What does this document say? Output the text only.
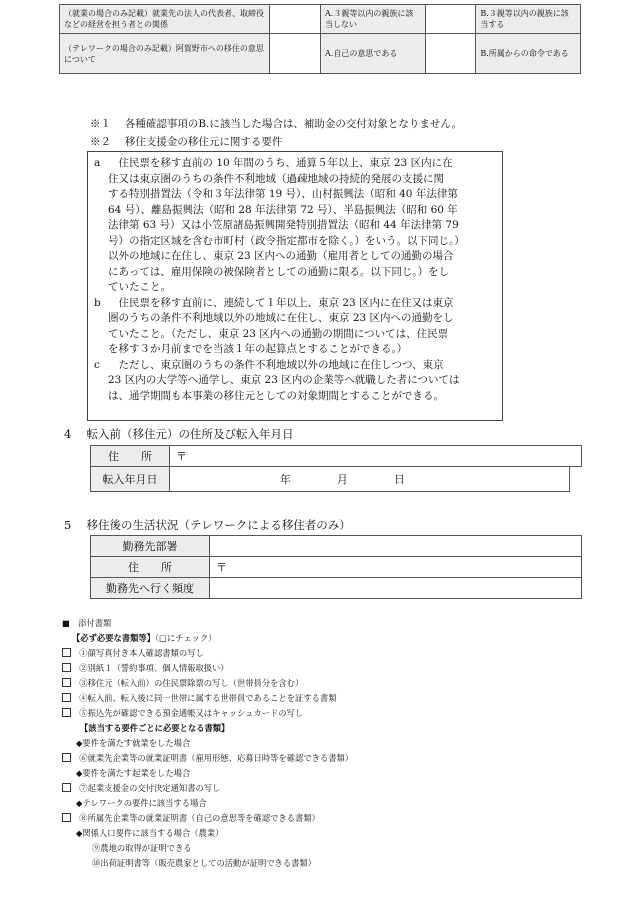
（就業の場合のみ記載）就業先の法人の代表者、取締役などの経営を担う者との関係		A.３親等以内の親族に該当しない		B.３親等以内の親族に該当する
（テレワークの場合のみ記載）阿賀野市への移住の意思について		A.自己の意思である		B.所属からの命令である
※１　 各種確認事項のB.に該当した場合は、補助金の交付対象となりません。
※２　 移住支援金の移住元に関する要件
a　住民票を移す直前の 10 年間のうち、通算５年以上、東京 23 区内に在
住又は東京圏のうちの条件不利地域（過疎地域の持続的発展の支援に関
する特別措置法（令和３年法律第 19 号）、山村振興法（昭和 40 年法律第
64 号）、離島振興法（昭和 28 年法律第 72 号）、半島振興法（昭和 60 年
法律第 63 号）又は小笠原諸島振興開発特別措置法（昭和 44 年法律第 79
号）の指定区域を含む市町村（政令指定都市を除く。）をいう。以下同じ。）
以外の地域に在住し、東京 23 区内への通勤（雇用者としての通勤の場合
にあっては、雇用保険の被保険者としての通勤に限る。以下同じ。）をし
ていたこと。
b　住民票を移す直前に、連続して１年以上、東京 23 区内に在住又は東京
圏のうちの条件不利地域以外の地域に在住し、東京 23 区内への通勤をし
ていたこと。（ただし、東京 23 区内への通勤の期間については、住民票
を移す３か月前までを当該１年の起算点とすることができる。）
c　ただし、東京圏のうちの条件不利地域以外の地域に在住しつつ、東京
23 区内の大学等へ通学し、東京 23 区内の企業等へ就職した者については
は、通学期間も本事業の移住元としての対象期間とすることができる。
4　 転入前（移住元）の住所及び転入年月日
住　　所	〒	
転入年月日	年 月 日	
5　 移住後の生活状況（テレワークによる移住者のみ）
勤務先部署	
住　　所	〒
勤務先へ行く頻度	
■　添付書類
【必ず必要な書類等】（□にチェック）
　①顔写真付き本人確認書類の写し
　②別紙１（誓約事項、個人情報取扱い）
　③移住元（転入前）の住民票除票の写し（世帯員分を含む）
　④転入前、転入後に同一世帯に属する世帯員であることを証する書類
　⑤振込先が確認できる預金通帳又はキャッシュカードの写し
【該当する要件ごとに必要となる書類】
◆要件を満たす就業をした場合
　⑥就業先企業等の就業証明書（雇用形態、応募日時等を確認できる書類）
◆要件を満たす起業をした場合
　⑦起業支援金の交付決定通知書の写し
◆テレワークの要件に該当する場合
　⑧所属先企業等の就業証明書（自己の意思等を確認できる書類）
◆関係人口要件に該当する場合（農業）
⑨農地の取得が証明できる
⑩出荷証明書等（販売農家としての活動が証明できる書類）
